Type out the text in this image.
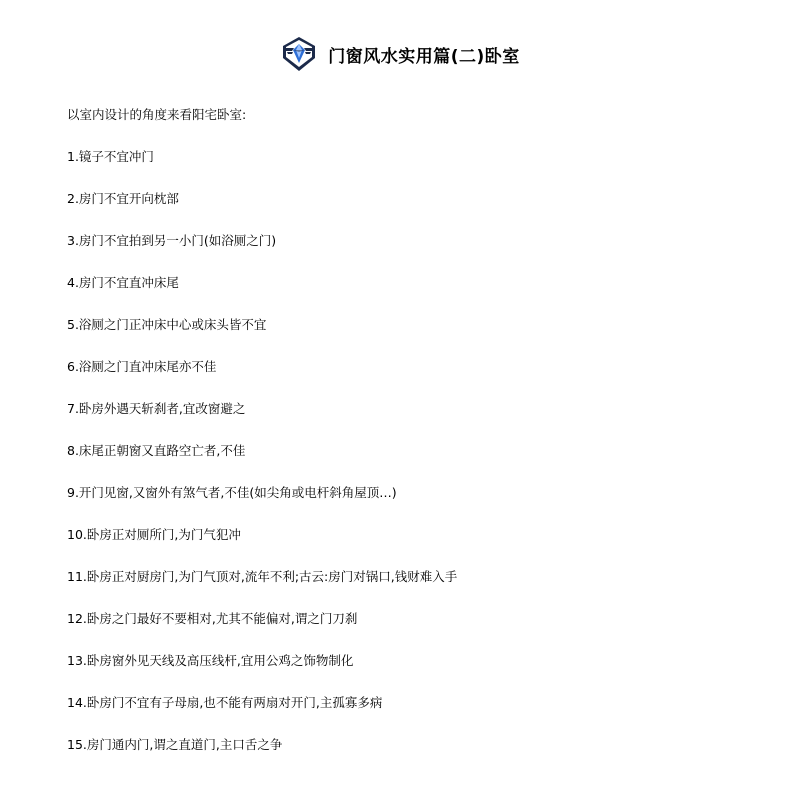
门窗风水实用篇(二)卧室
以室内设计的角度来看阳宅卧室:
1.镜子不宜冲门
2.房门不宜开向枕部
3.房门不宜拍到另一小门(如浴厕之门)
4.房门不宜直冲床尾
5.浴厕之门正冲床中心或床头皆不宜
6.浴厕之门直冲床尾亦不佳
7.卧房外遇天斩刹者,宜改窗避之
8.床尾正朝窗又直路空亡者,不佳
9.开门见窗,又窗外有煞气者,不佳(如尖角或电杆斜角屋顶…)
10.卧房正对厕所门,为门气犯冲
11.卧房正对厨房门,为门气顶对,流年不利;古云:房门对锅口,钱财难入手
12.卧房之门最好不要相对,尤其不能偏对,谓之门刀刹
13.卧房窗外见天线及高压线杆,宜用公鸡之饰物制化
14.卧房门不宜有子母扇,也不能有两扇对开门,主孤寡多病
15.房门通内门,谓之直道门,主口舌之争
